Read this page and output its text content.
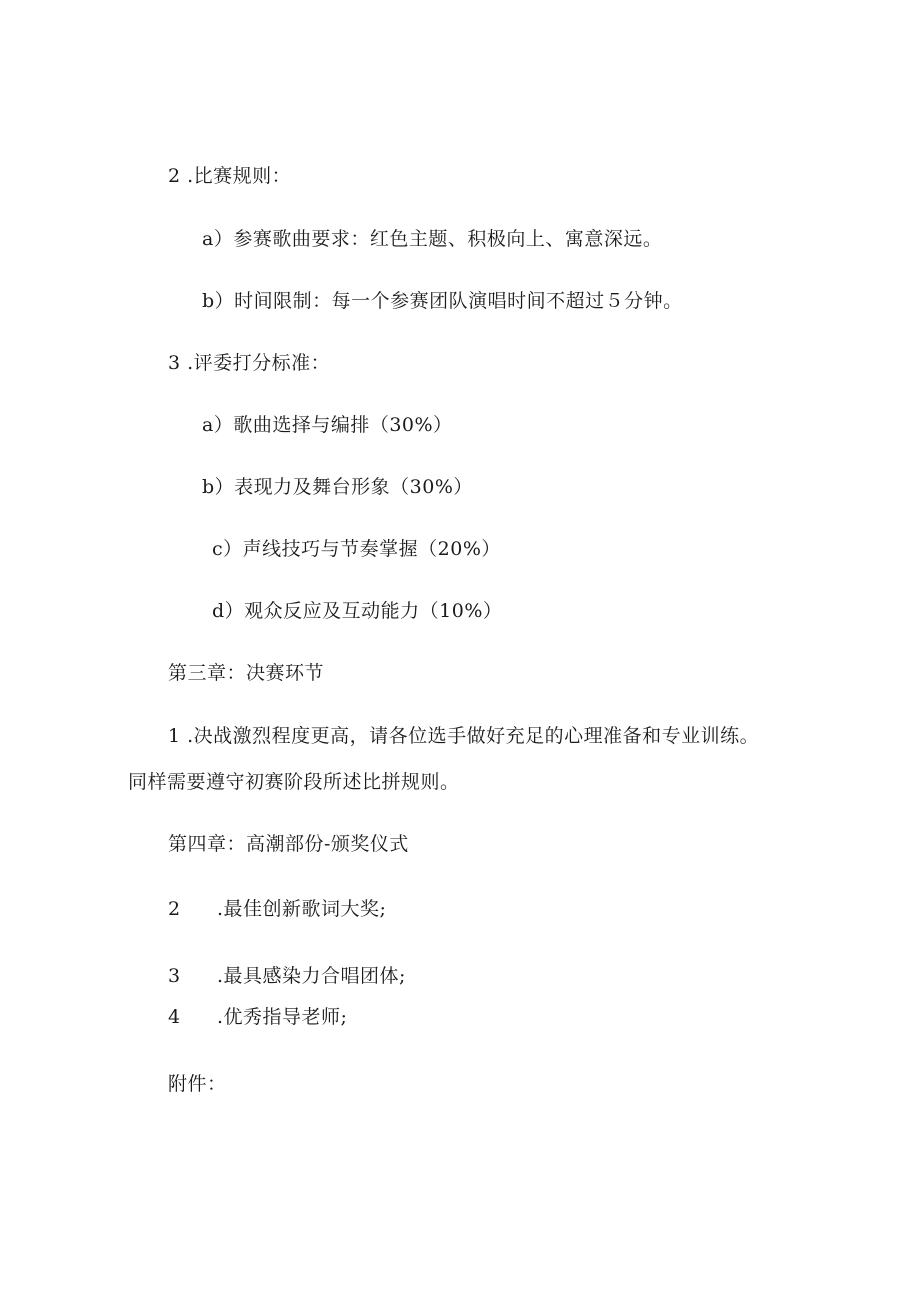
2 .比赛规则：
a）参赛歌曲要求：红色主题、积极向上、寓意深远。
b）时间限制：每一个参赛团队演唱时间不超过５分钟。
3 .评委打分标准：
a）歌曲选择与编排（30%）
b）表现力及舞台形象（30%）
c）声线技巧与节奏掌握（20%）
d）观众反应及互动能力（10%）
第三章：决赛环节
1 .决战激烈程度更高，请各位选手做好充足的心理准备和专业训练。
同样需要遵守初赛阶段所述比拼规则。
第四章：高潮部份-颁奖仪式
2 .最佳创新歌词大奖;
3 .最具感染力合唱团体;
4 .优秀指导老师;
附件：
